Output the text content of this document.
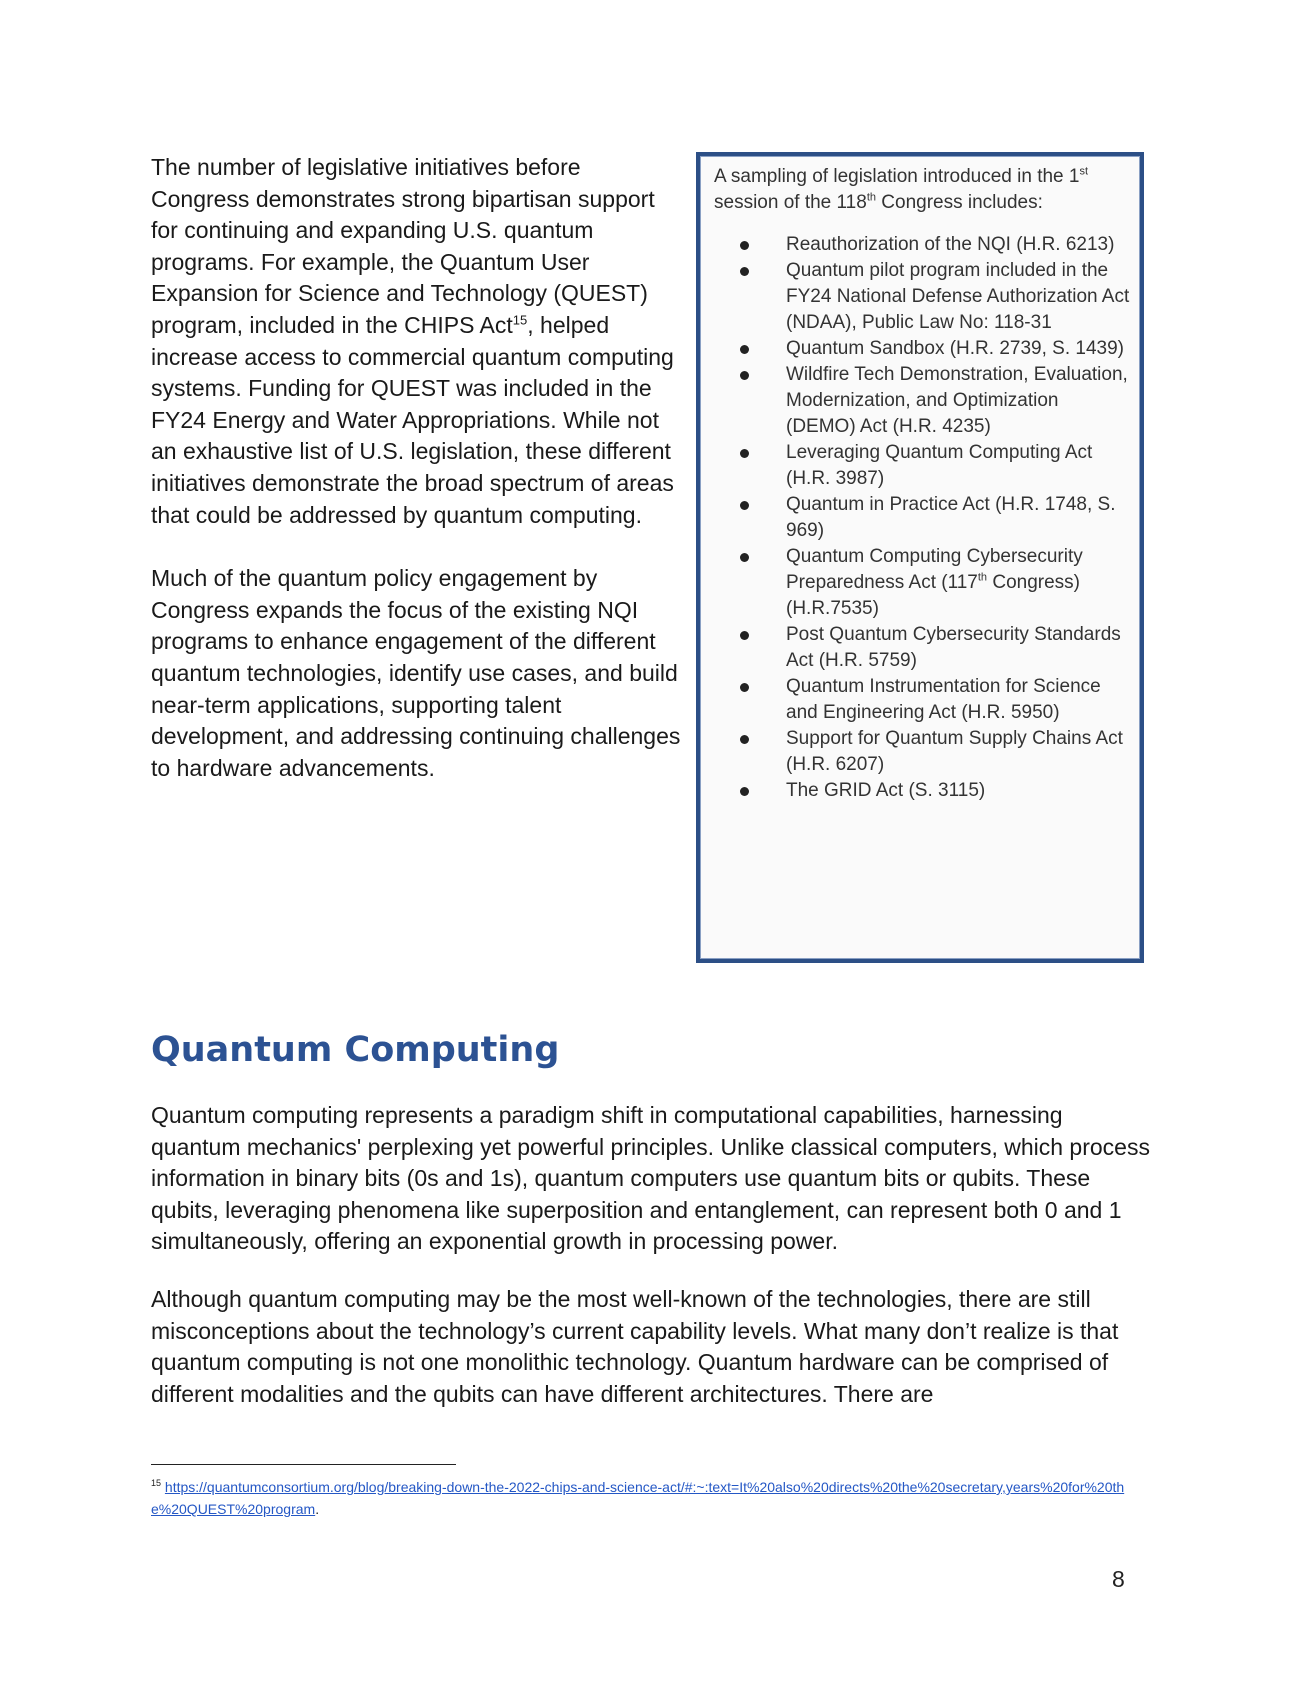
The number of legislative initiatives before Congress demonstrates strong bipartisan support for continuing and expanding U.S. quantum programs. For example, the Quantum User Expansion for Science and Technology (QUEST) program, included in the CHIPS Act$^{15}$, helped increase access to commercial quantum computing systems. Funding for QUEST was included in the FY24 Energy and Water Appropriations. While not an exhaustive list of U.S. legislation, these different initiatives demonstrate the broad spectrum of areas that could be addressed by quantum computing.

Much of the quantum policy engagement by Congress expands the focus of the existing NQI programs to enhance engagement of the different quantum technologies, identify use cases, and build near-term applications, supporting talent development, and addressing continuing challenges to hardware advancements.

A sampling of legislation introduced in the 1st session of the 118th Congress includes:
Reauthorization of the NQI (H.R. 6213)
Quantum pilot program included in the FY24 National Defense Authorization Act (NDAA), Public Law No: 118-31
Quantum Sandbox (H.R. 2739, S. 1439)
Wildfire Tech Demonstration, Evaluation, Modernization, and Optimization (DEMO) Act (H.R. 4235)
Leveraging Quantum Computing Act (H.R. 3987)
Quantum in Practice Act (H.R. 1748, S. 969)
Quantum Computing Cybersecurity Preparedness Act (117th Congress) (H.R.7535)
Post Quantum Cybersecurity Standards Act (H.R. 5759)
Quantum Instrumentation for Science and Engineering Act (H.R. 5950)
Support for Quantum Supply Chains Act (H.R. 6207)
The GRID Act (S. 3115)
Quantum Computing

Quantum computing represents a paradigm shift in computational capabilities, harnessing quantum mechanics' perplexing yet powerful principles. Unlike classical computers, which process information in binary bits (0s and 1s), quantum computers use quantum bits or qubits. These qubits, leveraging phenomena like superposition and entanglement, can represent both 0 and 1 simultaneously, offering an exponential growth in processing power.

Although quantum computing may be the most well-known of the technologies, there are still misconceptions about the technology’s current capability levels. What many don’t realize is that quantum computing is not one monolithic technology. Quantum hardware can be comprised of different modalities and the qubits can have different architectures. There are

$^{15}$ https://quantumconsortium.org/blog/breaking-down-the-2022-chips-and-science-act/#:~:text=It%20also%20directs%20the%20secretary,years%20for%20the%20QUEST%20program.
8
